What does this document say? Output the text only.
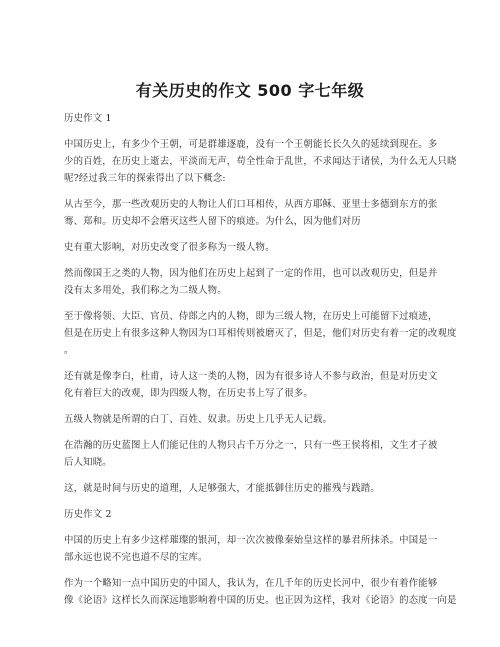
有关历史的作文 500 字七年级

历史作文 1

中国历史上，有多少个王朝，可是群雄逐鹿，没有一个王朝能长长久久的延续到现在。多

少的百姓，在历史上逝去，平淡而无声，苟全性命于乱世，不求闻达于诸侯，为什么无人只晓

呢?经过我三年的探索得出了以下概念:

从古至今，那一些改观历史的人物让人们口耳相传，从西方耶稣、亚里士多德到东方的张

骞、郑和。历史却不会磨灭这些人留下的痕迹。为什么，因为他们对历

史有重大影响，对历史改变了很多称为一级人物。

然而像国王之类的人物，因为他们在历史上起到了一定的作用，也可以改观历史，但是并

没有太多用处，我们称之为二级人物。

至于像将领、大臣、官员、侍郎之内的人物，即为三级人物，在历史上可能留下过痕迹，

但是在历史上有很多这种人物因为口耳相传则被磨灭了，但是，他们对历史有着一定的改观度

。

还有就是像李白，杜甫，诗人这一类的人物，因为有很多诗人不参与政治，但是对历史文

化有着巨大的改观，即为四级人物，在历史书上写了很多。

五级人物就是所谓的白丁、百姓、奴隶。历史上几乎无人记载。

在浩瀚的历史蓝图上人们能记住的人物只占千万分之一，只有一些王侯将相，文生才子被

后人知晓。

这，就是时间与历史的道理，人足够强大，才能抵御住历史的摧残与践踏。

历史作文 2

中国的历史上有多少这样璀璨的银河，却一次次被像秦始皇这样的暴君所抹杀。中国是一

部永远也说不完也道不尽的宝库。

作为一个略知一点中国历史的中国人，我认为，在几千年的历史长河中，很少有着作能够

像《论语》这样长久而深远地影响着中国的历史。也正因为这样，我对《论语》的态度一向是
